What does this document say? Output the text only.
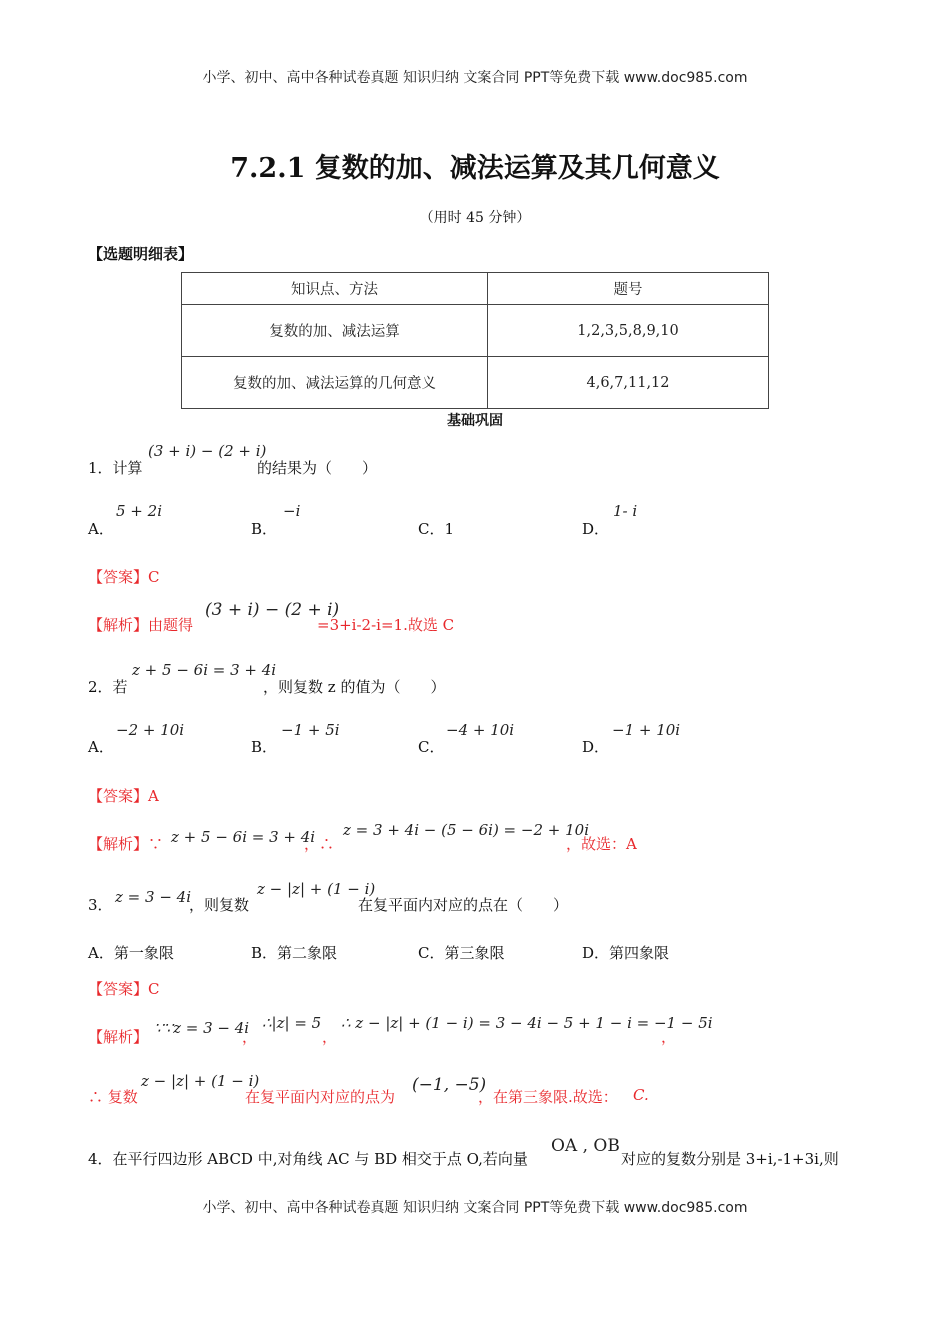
小学、初中、高中各种试卷真题 知识归纳 文案合同 PPT等免费下载 www.doc985.com
7.2.1 复数的加、减法运算及其几何意义
（用时 45 分钟）
【选题明细表】
知识点、方法	题号
复数的加、减法运算	1,2,3,5,8,9,10
复数的加、减法运算的几何意义	4,6,7,11,12
基础巩固
1．计算
(3 + i) − (2 + i)
的结果为（　　）
A．
5 + 2i
B．
−i
C．1	D．
1- i
【答案】C
【解析】由题得
(3 + i) − (2 + i)
=3+i-2-i=1.故选 C
2．若
z + 5 − 6i = 3 + 4i
，则复数 z 的值为（　　）
A．
−2 + 10i
B．
−1 + 5i
C．
−4 + 10i
D．
−1 + 10i
【答案】A
【解析】∵ z + 5 − 6i = 3 + 4i
，∴
z = 3 + 4i − (5 − 6i) = −2 + 10i
，故选：A
3． z = 3 − 4i
，则复数
z − |z| + (1 − i)
在复平面内对应的点在（　　）
A．第一象限	B．第二象限	C．第三象限	D．第四象限
【答案】C
【解析】 ∵∵z = 3 − 4i
，
∴|z| = 5
，
∴ z − |z| + (1 − i) = 3 − 4i − 5 + 1 − i = −1 − 5i
，
∴ 复数
z − |z| + (1 − i)
在复平面内对应的点为
(−1, −5)
，在第三象限.故选： C.
4．在平行四边形 ABCD 中,对角线 AC 与 BD 相交于点 O,若向量
OA , OB
对应的复数分别是 3+i,-1+3i,则
小学、初中、高中各种试卷真题 知识归纳 文案合同 PPT等免费下载 www.doc985.com
